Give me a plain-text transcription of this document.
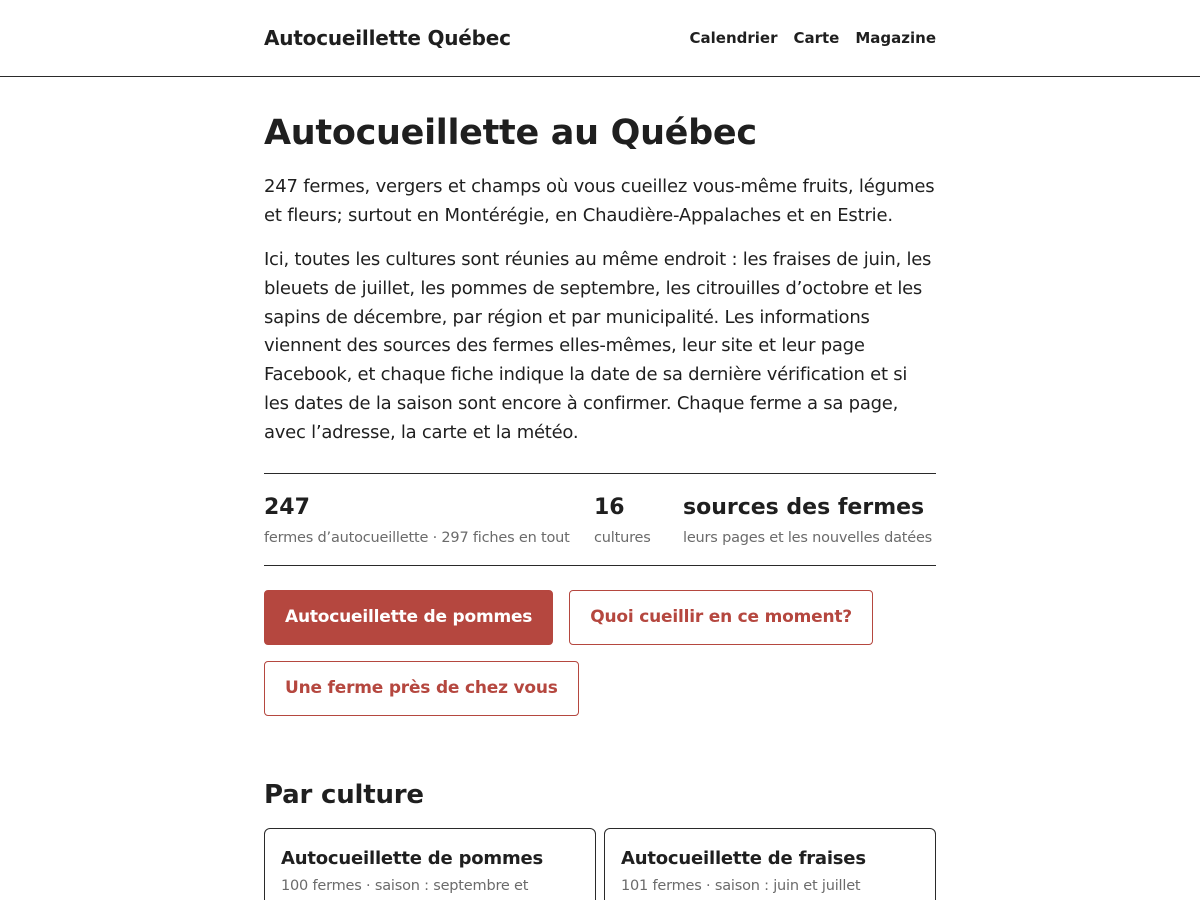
Autocueillette Québec	Calendrier Carte Magazine
Autocueillette au Québec

247 fermes, vergers et champs où vous cueillez vous-même fruits, légumes et fleurs; surtout en Montérégie, en Chaudière-Appalaches et en Estrie.

Ici, toutes les cultures sont réunies au même endroit : les fraises de juin, les bleuets de juillet, les pommes de septembre, les citrouilles d’octobre et les sapins de décembre, par région et par municipalité. Les informations viennent des sources des fermes elles-mêmes, leur site et leur page Facebook, et chaque fiche indique la date de sa dernière vérification et si les dates de la saison sont encore à confirmer. Chaque ferme a sa page, avec l’adresse, la carte et la météo.

247
fermes d’autocueillette · 297 fiches en tout
16
cultures
sources des fermes
leurs pages et les nouvelles datées
Autocueillette de pommes	Quoi cueillir en ce moment?
Une ferme près de chez vous
Par culture
Autocueillette de pommes
100 fermes · saison : septembre et
Autocueillette de fraises
101 fermes · saison : juin et juillet
